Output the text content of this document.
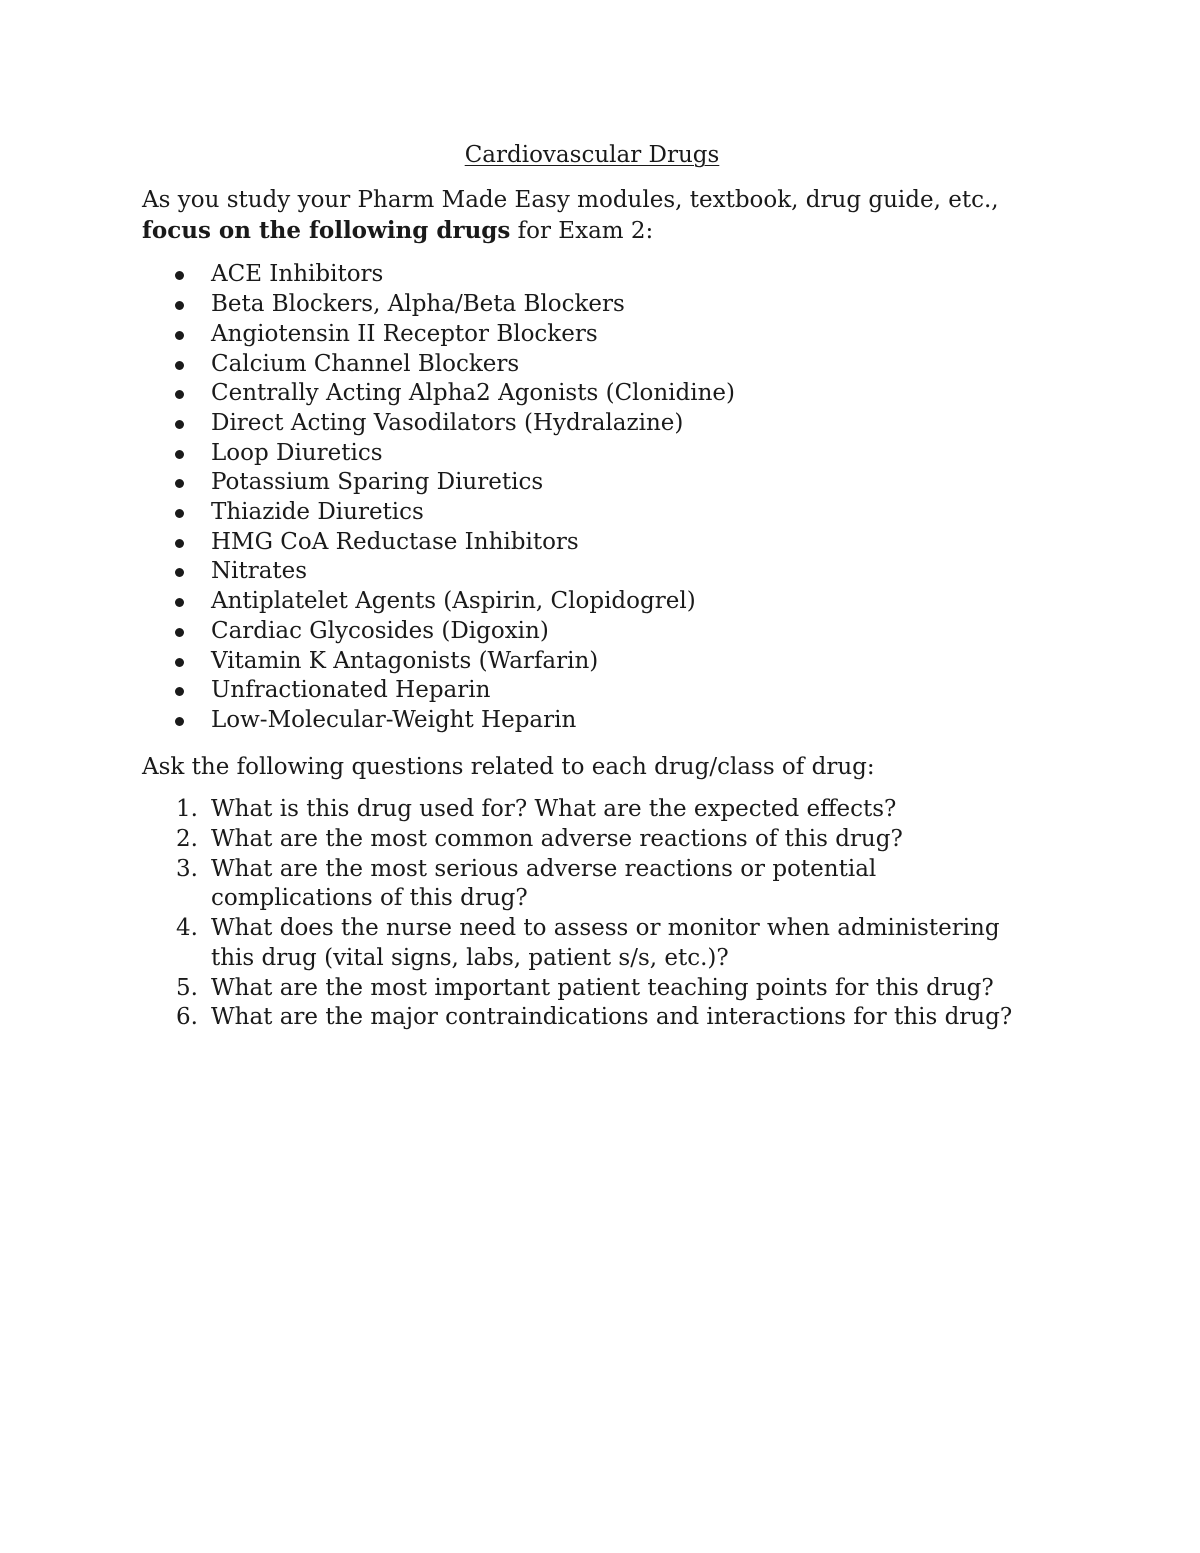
Cardiovascular Drugs
As you study your Pharm Made Easy modules, textbook, drug guide, etc.,
focus on the following drugs for Exam 2:
ACE Inhibitors
Beta Blockers, Alpha/Beta Blockers
Angiotensin II Receptor Blockers
Calcium Channel Blockers
Centrally Acting Alpha2 Agonists (Clonidine)
Direct Acting Vasodilators (Hydralazine)
Loop Diuretics
Potassium Sparing Diuretics
Thiazide Diuretics
HMG CoA Reductase Inhibitors
Nitrates
Antiplatelet Agents (Aspirin, Clopidogrel)
Cardiac Glycosides (Digoxin)
Vitamin K Antagonists (Warfarin)
Unfractionated Heparin
Low-Molecular-Weight Heparin
Ask the following questions related to each drug/class of drug:
1. What is this drug used for? What are the expected effects?
2. What are the most common adverse reactions of this drug?
3. What are the most serious adverse reactions or potential
complications of this drug?
4. What does the nurse need to assess or monitor when administering
this drug (vital signs, labs, patient s/s, etc.)?
5. What are the most important patient teaching points for this drug?
6. What are the major contraindications and interactions for this drug?
